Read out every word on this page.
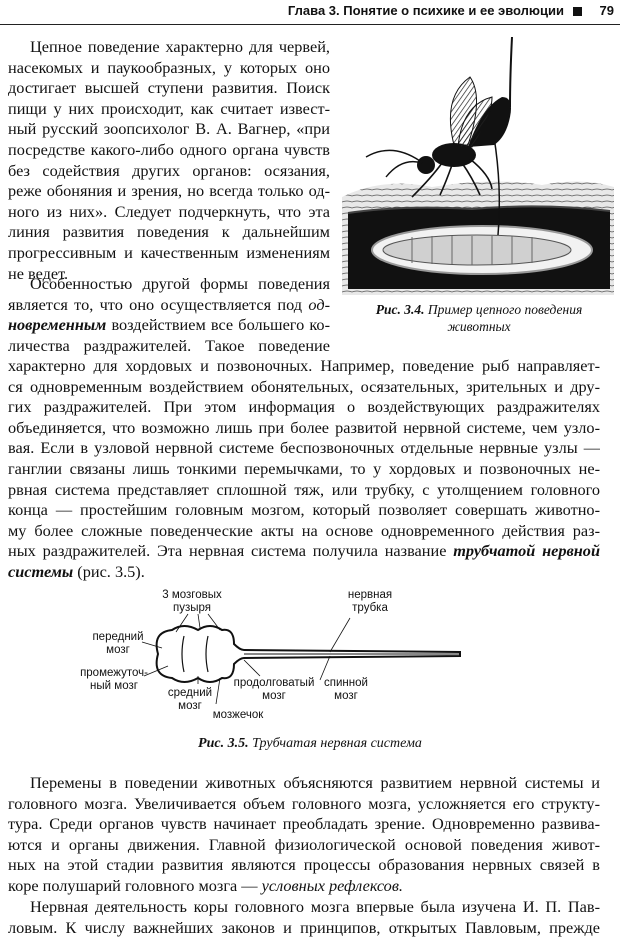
Глава 3. Понятие о психике и ее эволюции	79
Цепное поведение характерно для червей,
насекомых и паукообразных, у которых оно
достигает высшей ступени развития. Поиск
пищи у них происходит, как считает извест-
ный русский зоопсихолог В. А. Вагнер, «при
посредстве какого-либо одного органа чувств
без содействия других органов: осязания,
реже обоняния и зрения, но всегда только од-
ного из них». Следует подчеркнуть, что эта
линия развития поведения к дальнейшим
прогрессивным и качественным изменениям
не ведет.
Особенностью другой формы поведения
является то, что оно осуществляется под од-
новременным воздействием все большего ко-
личества раздражителей. Такое поведение
характерно для хордовых и позвоночных. Например, поведение рыб направляет-
ся одновременным воздействием обонятельных, осязательных, зрительных и дру-
гих раздражителей. При этом информация о воздействующих раздражителях
объединяется, что возможно лишь при более развитой нервной системе, чем узло-
вая. Если в узловой нервной системе беспозвоночных отдельные нервные узлы —
ганглии связаны лишь тонкими перемычками, то у хордовых и позвоночных не-
рвная система представляет сплошной тяж, или трубку, с утолщением головного
конца — простейшим головным мозгом, который позволяет совершать животно-
му более сложные поведенческие акты на основе одновременного действия раз-
ных раздражителей. Эта нервная система получила название трубчатой нервной
системы (рис. 3.5).
Рис. 3.4. Пример цепного поведения
животных
3 мозговых
пузыря
нервная
трубка
передний
мозг
промежуточ-
ный мозг
средний
мозг
мозжечок
продолговатый
мозг
спинной
мозг
Рис. 3.5. Трубчатая нервная система
Перемены в поведении животных объясняются развитием нервной системы и
головного мозга. Увеличивается объем головного мозга, усложняется его структу-
тура. Среди органов чувств начинает преобладать зрение. Одновременно развива-
ются и органы движения. Главной физиологической основой поведения живот-
ных на этой стадии развития являются процессы образования нервных связей в
коре полушарий головного мозга — условных рефлексов.
Нервная деятельность коры головного мозга впервые была изучена И. П. Пав-
ловым. К числу важнейших законов и принципов, открытых Павловым, прежде
